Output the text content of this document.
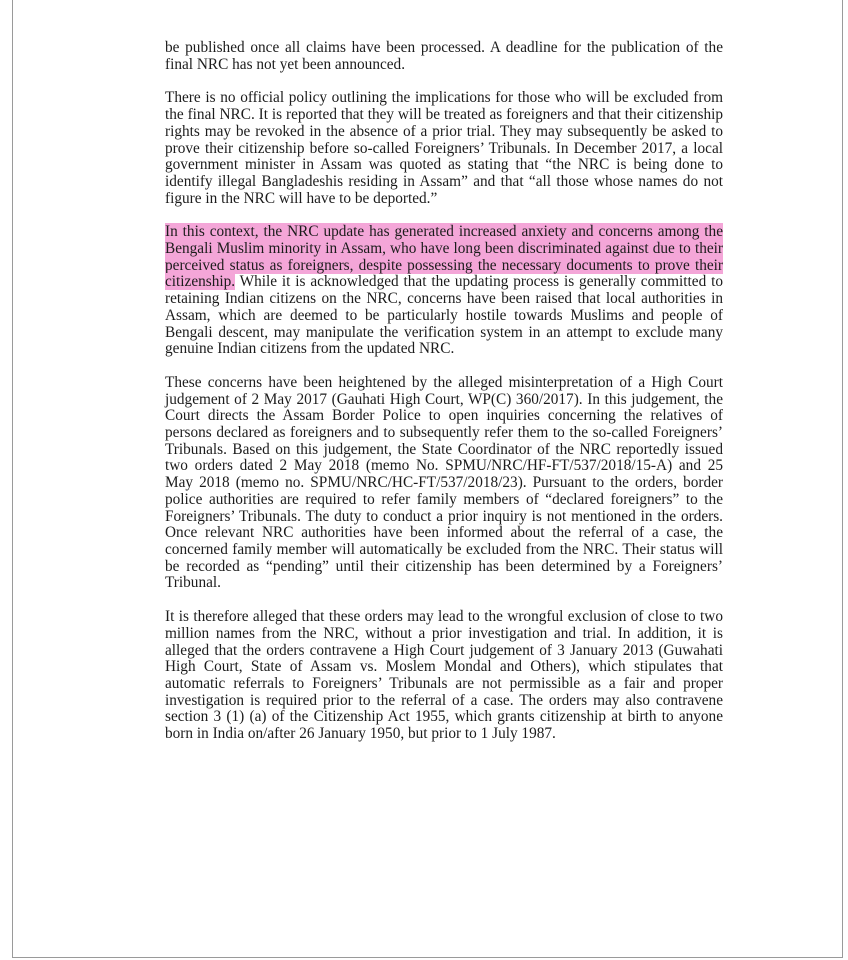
be published once all claims have been processed. A deadline for the publication of the final NRC has not yet been announced.

There is no official policy outlining the implications for those who will be excluded from the final NRC. It is reported that they will be treated as foreigners and that their citizenship rights may be revoked in the absence of a prior trial. They may subsequently be asked to prove their citizenship before so-called Foreigners’ Tribunals. In December 2017, a local government minister in Assam was quoted as stating that “the NRC is being done to identify illegal Bangladeshis residing in Assam” and that “all those whose names do not figure in the NRC will have to be deported.”

In this context, the NRC update has generated increased anxiety and concerns among the Bengali Muslim minority in Assam, who have long been discriminated against due to their perceived status as foreigners, despite possessing the necessary documents to prove their citizenship. While it is acknowledged that the updating process is generally committed to retaining Indian citizens on the NRC, concerns have been raised that local authorities in Assam, which are deemed to be particularly hostile towards Muslims and people of Bengali descent, may manipulate the verification system in an attempt to exclude many genuine Indian citizens from the updated NRC.

These concerns have been heightened by the alleged misinterpretation of a High Court judgement of 2 May 2017 (Gauhati High Court, WP(C) 360/2017). In this judgement, the Court directs the Assam Border Police to open inquiries concerning the relatives of persons declared as foreigners and to subsequently refer them to the so-called Foreigners’ Tribunals. Based on this judgement, the State Coordinator of the NRC reportedly issued two orders dated 2 May 2018 (memo No. SPMU/NRC/HF-FT/537/2018/15-A) and 25 May 2018 (memo no. SPMU/NRC/HC-FT/537/2018/23). Pursuant to the orders, border police authorities are required to refer family members of “declared foreigners” to the Foreigners’ Tribunals. The duty to conduct a prior inquiry is not mentioned in the orders. Once relevant NRC authorities have been informed about the referral of a case, the concerned family member will automatically be excluded from the NRC. Their status will be recorded as “pending” until their citizenship has been determined by a Foreigners’ Tribunal.

It is therefore alleged that these orders may lead to the wrongful exclusion of close to two million names from the NRC, without a prior investigation and trial. In addition, it is alleged that the orders contravene a High Court judgement of 3 January 2013 (Guwahati High Court, State of Assam vs. Moslem Mondal and Others), which stipulates that automatic referrals to Foreigners’ Tribunals are not permissible as a fair and proper investigation is required prior to the referral of a case. The orders may also contravene section 3 (1) (a) of the Citizenship Act 1955, which grants citizenship at birth to anyone born in India on/after 26 January 1950, but prior to 1 July 1987.
